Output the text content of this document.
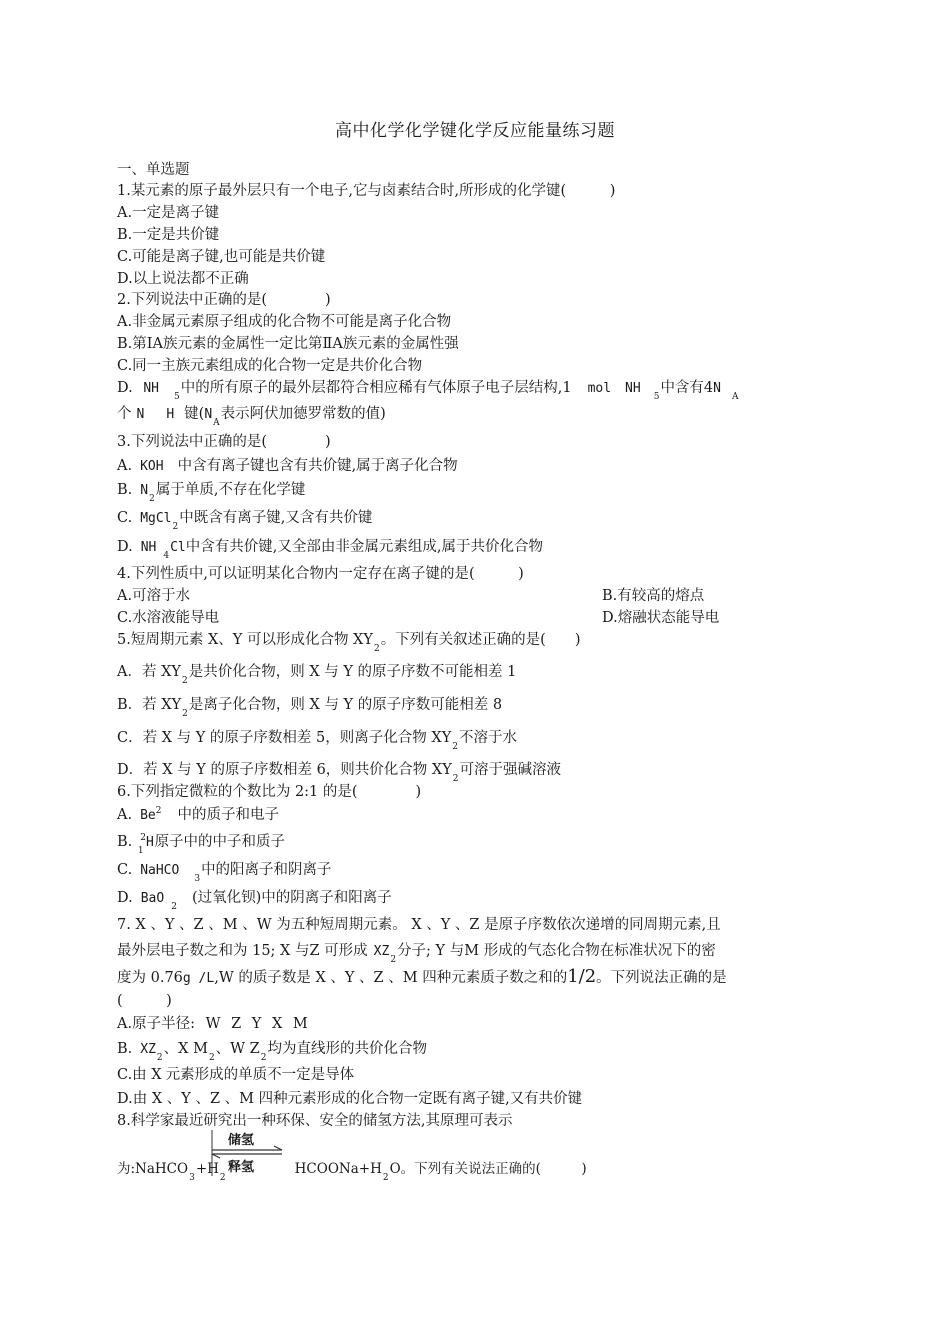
高中化学化学键化学反应能量练习题
一、单选题
1.某元素的原子最外层只有一个电子,它与卤素结合时,所形成的化学键(　　　)
A.一定是离子键
B.一定是共价键
C.可能是离子键,也可能是共价键
D.以上说法都不正确
2.下列说法中正确的是(　　　　)
A.非金属元素原子组成的化合物不可能是离子化合物
B.第ⅠA族元素的金属性一定比第ⅡA族元素的金属性强
C.同一主族元素组成的化合物一定是共价化合物
D. $NH_5$中的所有原子的最外层都符合相应稀有气体原子电子层结构,1 mol $NH_5$中含有$4N_A$
个 N H 键($N_A$表示阿伏加德罗常数的值)
3.下列说法中正确的是(　　　　)
A. KOH 中含有离子键也含有共价键,属于离子化合物
B. $N_2$属于单质,不存在化学键
C. MgCl$_2$中既含有离子键,又含有共价键
D. $NH_4Cl$中含有共价键,又全部由非金属元素组成,属于共价化合物
4.下列性质中,可以证明某化合物内一定存在离子键的是(　　　)
A.可溶于水	B.有较高的熔点
C.水溶液能导电	D.熔融状态能导电
5.短周期元素 X、Y 可以形成化合物 $XY_2$。下列有关叙述正确的是(　　)
A．若 $XY_2$是共价化合物，则 X 与 Y 的原子序数不可能相差 1
B．若 $XY_2$是离子化合物，则 X 与 Y 的原子序数可能相差 8
C．若 X 与 Y 的原子序数相差 5，则离子化合物 $XY_2$不溶于水
D．若 X 与 Y 的原子序数相差 6，则共价化合物 $XY_2$可溶于强碱溶液
6.下列指定微粒的个数比为 2:1 的是(　　　　)
A. Be$^2$ 中的质子和电子
B. $^2H_1$原子中的中子和质子
C. NaHCO$_3$中的阳离子和阴离子
D. BaO$_2$(过氧化钡)中的阴离子和阳离子
7. X 、Y 、Z 、M 、W 为五种短周期元素。 X 、Y 、Z 是原子序数依次递增的同周期元素,且
最外层电子数之和为 15; X 与Z 可形成 $XZ_2$分子; Y 与M 形成的气态化合物在标准状况下的密
度为 0.76g /L,W 的质子数是 X 、Y 、Z 、M 四种元素质子数之和的1/2。下列说法正确的是
(　　　)
A.原子半径: W Z Y X M
B. $XZ_2$、X $M_2$、W $Z_2$均为直线形的共价化合物
C.由 X 元素形成的单质不一定是导体
D.由 X 、Y 、Z 、M 四种元素形成的化合物一定既有离子键,又有共价键
8.科学家最近研究出一种环保、安全的储氢方法,其原理可表示
储氢
释氢
为$:NaHCO_3+H_2HCOONa+H_2O$。下列有关说法正确的(　　　)
